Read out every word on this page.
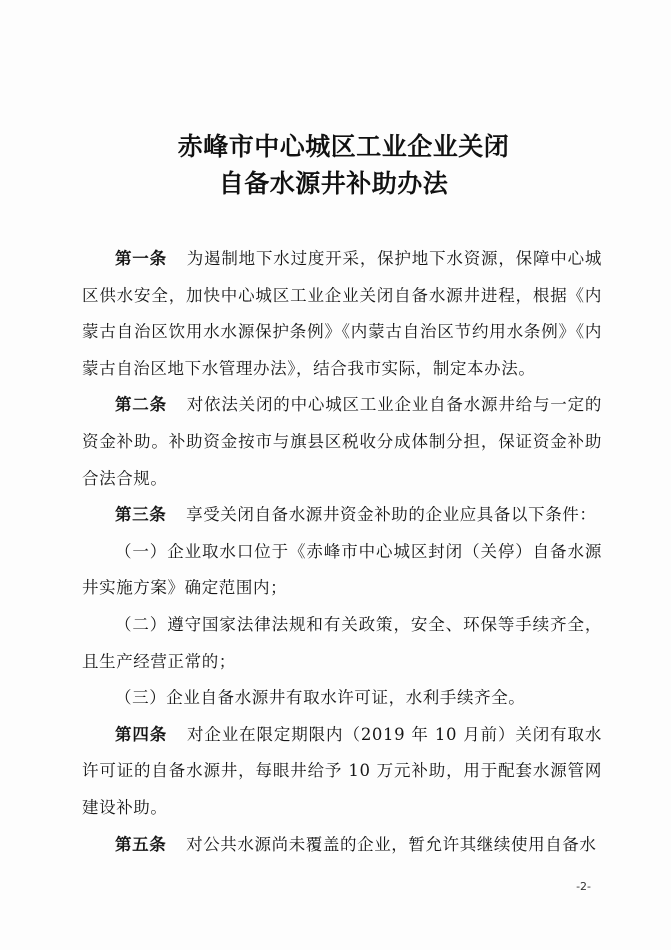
赤峰市中心城区工业企业关闭
自备水源井补助办法

第一条 为遏制地下水过度开采，保护地下水资源，保障中心城区供水安全，加快中心城区工业企业关闭自备水源井进程，根据《内蒙古自治区饮用水水源保护条例》《内蒙古自治区节约用水条例》《内蒙古自治区地下水管理办法》，结合我市实际，制定本办法。

第二条 对依法关闭的中心城区工业企业自备水源井给与一定的资金补助。补助资金按市与旗县区税收分成体制分担，保证资金补助合法合规。

第三条 享受关闭自备水源井资金补助的企业应具备以下条件：

（一）企业取水口位于《赤峰市中心城区封闭（关停）自备水源井实施方案》确定范围内；

（二）遵守国家法律法规和有关政策，安全、环保等手续齐全，且生产经营正常的；

（三）企业自备水源井有取水许可证，水利手续齐全。

第四条 对企业在限定期限内（2019 年 10 月前）关闭有取水许可证的自备水源井，每眼井给予 10 万元补助，用于配套水源管网建设补助。

第五条 对公共水源尚未覆盖的企业，暂允许其继续使用自备水

-2-
